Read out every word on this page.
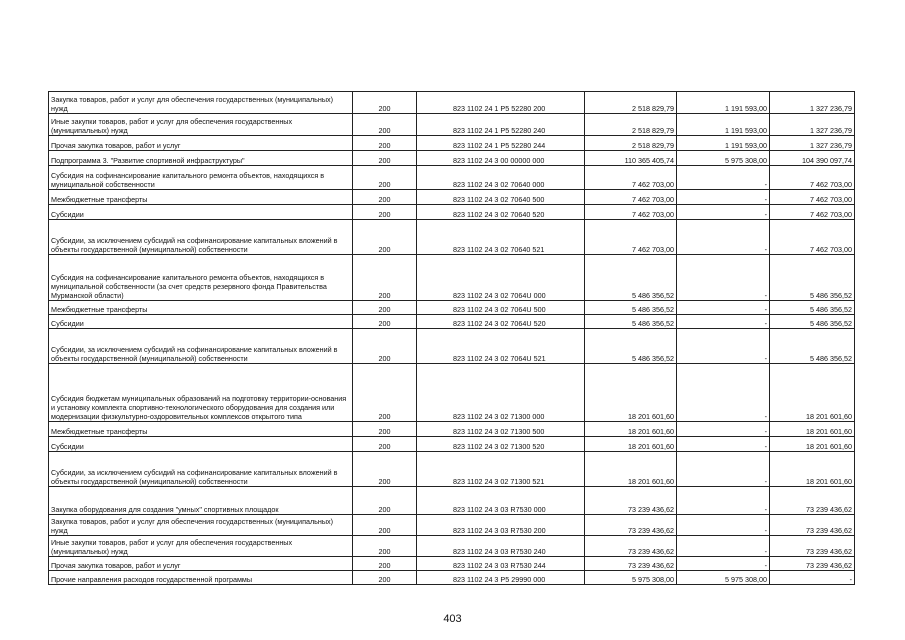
Закупка товаров, работ и услуг для обеспечения государственных (муниципальных) нужд	200	823 1102 24 1 Р5 52280 200	2 518 829,79	1 191 593,00	1 327 236,79
Иные закупки товаров, работ и услуг для обеспечения государственных (муниципальных) нужд	200	823 1102 24 1 Р5 52280 240	2 518 829,79	1 191 593,00	1 327 236,79
Прочая закупка товаров, работ и услуг	200	823 1102 24 1 Р5 52280 244	2 518 829,79	1 191 593,00	1 327 236,79
Подпрограмма 3. "Развитие спортивной инфраструктуры"	200	823 1102 24 3 00 00000 000	110 365 405,74	5 975 308,00	104 390 097,74
Субсидия на софинансирование капитального ремонта объектов, находящихся в муниципальной собственности	200	823 1102 24 3 02 70640 000	7 462 703,00	-	7 462 703,00
Межбюджетные трансферты	200	823 1102 24 3 02 70640 500	7 462 703,00	-	7 462 703,00
Субсидии	200	823 1102 24 3 02 70640 520	7 462 703,00	-	7 462 703,00
Субсидии, за исключением субсидий на софинансирование капитальных вложений в объекты государственной (муниципальной) собственности	200	823 1102 24 3 02 70640 521	7 462 703,00	-	7 462 703,00
Субсидия на софинансирование капитального ремонта объектов, находящихся в муниципальной собственности (за счет средств резервного фонда Правительства Мурманской области)	200	823 1102 24 3 02 7064U 000	5 486 356,52	-	5 486 356,52
Межбюджетные трансферты	200	823 1102 24 3 02 7064U 500	5 486 356,52	-	5 486 356,52
Субсидии	200	823 1102 24 3 02 7064U 520	5 486 356,52	-	5 486 356,52
Субсидии, за исключением субсидий на софинансирование капитальных вложений в объекты государственной (муниципальной) собственности	200	823 1102 24 3 02 7064U 521	5 486 356,52	-	5 486 356,52
Субсидия бюджетам муниципальных образований на подготовку территории-основания и установку комплекта спортивно-технологического оборудования для создания или модернизации физкультурно-оздоровительных комплексов открытого типа	200	823 1102 24 3 02 71300 000	18 201 601,60	-	18 201 601,60
Межбюджетные трансферты	200	823 1102 24 3 02 71300 500	18 201 601,60	-	18 201 601,60
Субсидии	200	823 1102 24 3 02 71300 520	18 201 601,60	-	18 201 601,60
Субсидии, за исключением субсидий на софинансирование капитальных вложений в объекты государственной (муниципальной) собственности	200	823 1102 24 3 02 71300 521	18 201 601,60	-	18 201 601,60
Закупка оборудования для создания "умных" спортивных площадок	200	823 1102 24 3 03 R7530 000	73 239 436,62	-	73 239 436,62
Закупка товаров, работ и услуг для обеспечения государственных (муниципальных) нужд	200	823 1102 24 3 03 R7530 200	73 239 436,62	-	73 239 436,62
Иные закупки товаров, работ и услуг для обеспечения государственных (муниципальных) нужд	200	823 1102 24 3 03 R7530 240	73 239 436,62	-	73 239 436,62
Прочая закупка товаров, работ и услуг	200	823 1102 24 3 03 R7530 244	73 239 436,62	-	73 239 436,62
Прочие направления расходов государственной программы	200	823 1102 24 3 Р5 29990 000	5 975 308,00	5 975 308,00	-
403
